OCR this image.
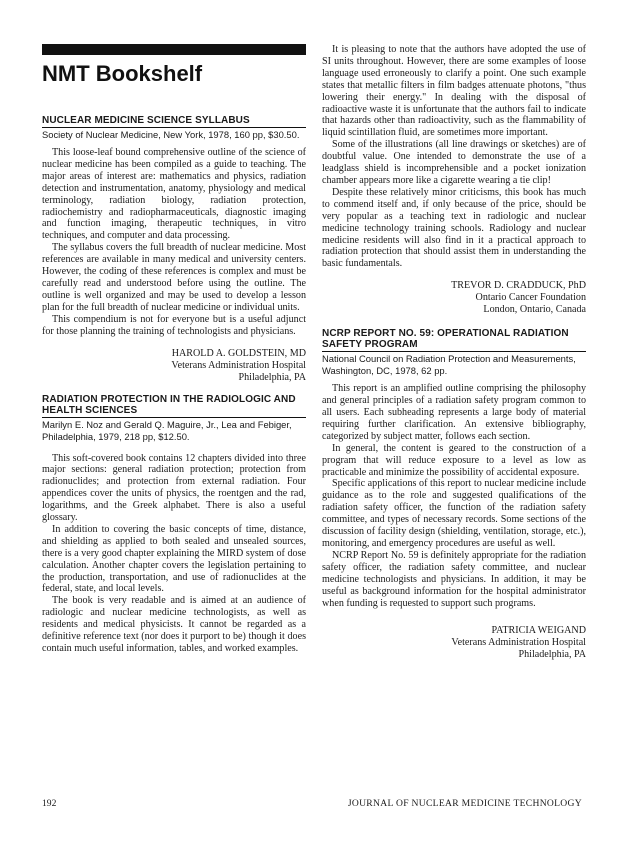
NMT Bookshelf
NUCLEAR MEDICINE SCIENCE SYLLABUS
Society of Nuclear Medicine, New York, 1978, 160 pp, $30.50.

This loose-leaf bound comprehensive outline of the science of nuclear medicine has been compiled as a guide to teaching. The major areas of interest are: mathematics and physics, radiation detection and instrumentation, anatomy, physiology and medical terminology, radiation biology, radiation protection, radiochemistry and radiopharmaceuticals, diagnostic imaging and function imaging, therapeutic techniques, in vitro techniques, and computer and data processing.

The syllabus covers the full breadth of nuclear medicine. Most references are available in many medical and university centers. However, the coding of these references is complex and must be carefully read and understood before using the outline. The outline is well organized and may be used to develop a lesson plan for the full breadth of nuclear medicine or individual units.

This compendium is not for everyone but is a useful adjunct for those planning the training of technologists and physicians.

HAROLD A. GOLDSTEIN, MD
Veterans Administration Hospital
Philadelphia, PA
RADIATION PROTECTION IN THE RADIOLOGIC AND HEALTH SCIENCES
Marilyn E. Noz and Gerald Q. Maguire, Jr., Lea and Febiger, Philadelphia, 1979, 218 pp, $12.50.

This soft-covered book contains 12 chapters divided into three major sections: general radiation protection; protection from radionuclides; and protection from external radiation. Four appendices cover the units of physics, the roentgen and the rad, logarithms, and the Greek alphabet. There is also a useful glossary.

In addition to covering the basic concepts of time, distance, and shielding as applied to both sealed and unsealed sources, there is a very good chapter explaining the MIRD system of dose calculation. Another chapter covers the legislation pertaining to the production, transportation, and use of radionuclides at the federal, state, and local levels.

The book is very readable and is aimed at an audience of radiologic and nuclear medicine technologists, as well as residents and medical physicists. It cannot be regarded as a definitive reference text (nor does it purport to be) though it does contain much useful information, tables, and worked examples.

It is pleasing to note that the authors have adopted the use of SI units throughout. However, there are some examples of loose language used erroneously to clarify a point. One such example states that metallic filters in film badges attenuate photons, "thus lowering their energy." In dealing with the disposal of radioactive waste it is unfortunate that the authors fail to indicate that hazards other than radioactivity, such as the flammability of liquid scintillation fluid, are sometimes more important.

Some of the illustrations (all line drawings or sketches) are of doubtful value. One intended to demonstrate the use of a leadglass shield is incomprehensible and a pocket ionization chamber appears more like a cigarette wearing a tie clip!

Despite these relatively minor criticisms, this book has much to commend itself and, if only because of the price, should be very popular as a teaching text in radiologic and nuclear medicine technology training schools. Radiology and nuclear medicine residents will also find in it a practical approach to radiation protection that should assist them in understanding the basic fundamentals.

TREVOR D. CRADDUCK, PhD
Ontario Cancer Foundation
London, Ontario, Canada
NCRP REPORT NO. 59: OPERATIONAL RADIATION SAFETY PROGRAM
National Council on Radiation Protection and Measurements, Washington, DC, 1978, 62 pp.

This report is an amplified outline comprising the philosophy and general principles of a radiation safety program common to all users. Each subheading represents a large body of material requiring further clarification. An extensive bibliography, categorized by subject matter, follows each section.

In general, the content is geared to the construction of a program that will reduce exposure to a level as low as practicable and minimize the possibility of accidental exposure.

Specific applications of this report to nuclear medicine include guidance as to the role and suggested qualifications of the radiation safety officer, the function of the radiation safety committee, and types of necessary records. Some sections of the discussion of facility design (shielding, ventilation, storage, etc.), monitoring, and emergency procedures are useful as well.

NCRP Report No. 59 is definitely appropriate for the radiation safety officer, the radiation safety committee, and nuclear medicine technologists and physicians. In addition, it may be useful as background information for the hospital administrator when funding is requested to support such programs.

PATRICIA WEIGAND
Veterans Administration Hospital
Philadelphia, PA
192	JOURNAL OF NUCLEAR MEDICINE TECHNOLOGY
